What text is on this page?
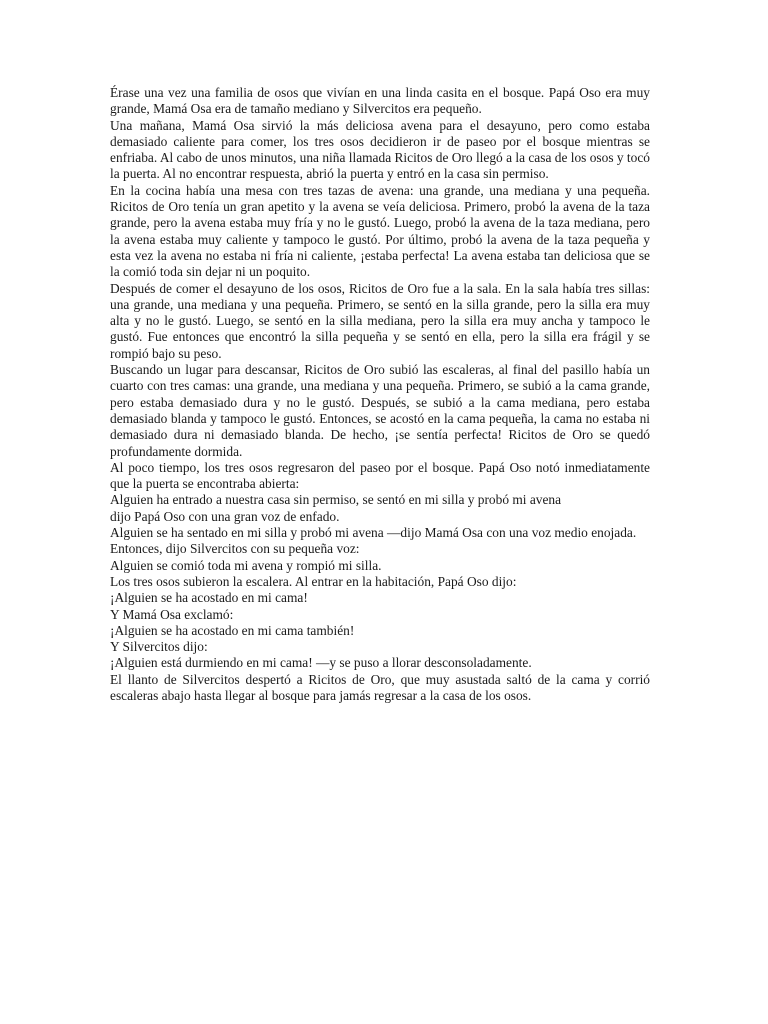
Érase una vez una familia de osos que vivían en una linda casita en el bosque. Papá Oso era muy grande, Mamá Osa era de tamaño mediano y Silvercitos era pequeño.

Una mañana, Mamá Osa sirvió la más deliciosa avena para el desayuno, pero como estaba demasiado caliente para comer, los tres osos decidieron ir de paseo por el bosque mientras se enfriaba. Al cabo de unos minutos, una niña llamada Ricitos de Oro llegó a la casa de los osos y tocó la puerta. Al no encontrar respuesta, abrió la puerta y entró en la casa sin permiso.

En la cocina había una mesa con tres tazas de avena: una grande, una mediana y una pequeña. Ricitos de Oro tenía un gran apetito y la avena se veía deliciosa. Primero, probó la avena de la taza grande, pero la avena estaba muy fría y no le gustó. Luego, probó la avena de la taza mediana, pero la avena estaba muy caliente y tampoco le gustó. Por último, probó la avena de la taza pequeña y esta vez la avena no estaba ni fría ni caliente, ¡estaba perfecta! La avena estaba tan deliciosa que se la comió toda sin dejar ni un poquito.

Después de comer el desayuno de los osos, Ricitos de Oro fue a la sala. En la sala había tres sillas: una grande, una mediana y una pequeña. Primero, se sentó en la silla grande, pero la silla era muy alta y no le gustó. Luego, se sentó en la silla mediana, pero la silla era muy ancha y tampoco le gustó. Fue entonces que encontró la silla pequeña y se sentó en ella, pero la silla era frágil y se rompió bajo su peso.

Buscando un lugar para descansar, Ricitos de Oro subió las escaleras, al final del pasillo había un cuarto con tres camas: una grande, una mediana y una pequeña. Primero, se subió a la cama grande, pero estaba demasiado dura y no le gustó. Después, se subió a la cama mediana, pero estaba demasiado blanda y tampoco le gustó. Entonces, se acostó en la cama pequeña, la cama no estaba ni demasiado dura ni demasiado blanda. De hecho, ¡se sentía perfecta! Ricitos de Oro se quedó profundamente dormida.

Al poco tiempo, los tres osos regresaron del paseo por el bosque. Papá Oso notó inmediatamente que la puerta se encontraba abierta:

Alguien ha entrado a nuestra casa sin permiso, se sentó en mi silla y probó mi avena

dijo Papá Oso con una gran voz de enfado.

Alguien se ha sentado en mi silla y probó mi avena —dijo Mamá Osa con una voz medio enojada.

Entonces, dijo Silvercitos con su pequeña voz:

Alguien se comió toda mi avena y rompió mi silla.

Los tres osos subieron la escalera. Al entrar en la habitación, Papá Oso dijo:

¡Alguien se ha acostado en mi cama!

Y Mamá Osa exclamó:

¡Alguien se ha acostado en mi cama también!

Y Silvercitos dijo:

¡Alguien está durmiendo en mi cama! —y se puso a llorar desconsoladamente.

El llanto de Silvercitos despertó a Ricitos de Oro, que muy asustada saltó de la cama y corrió escaleras abajo hasta llegar al bosque para jamás regresar a la casa de los osos.
